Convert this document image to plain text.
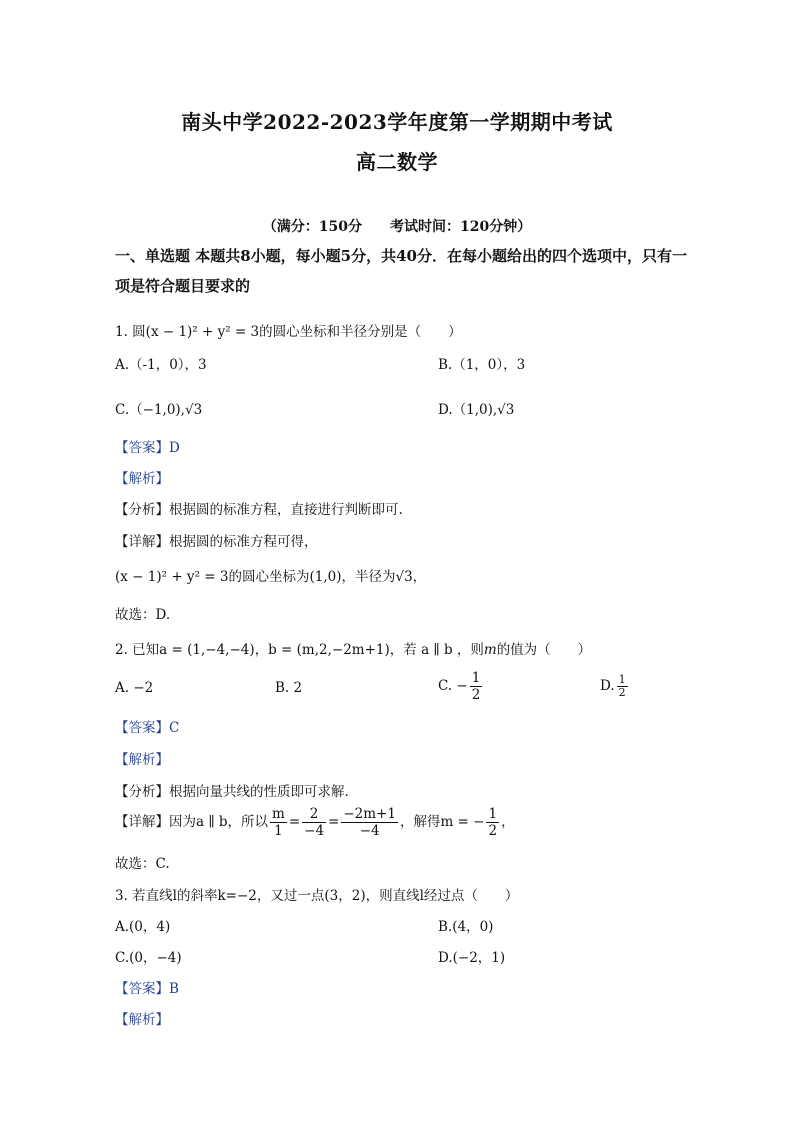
南头中学2022-2023学年度第一学期期中考试
高二数学
（满分：150分 考试时间：120分钟）
一、单选题 本题共8小题，每小题5分，共40分．在每小题给出的四个选项中，只有一项是符合题目要求的
1. 圆(x − 1)² + y² = 3的圆心坐标和半径分别是（　　）
A.（-1，0），3	B.（1，0），3
C.（−1,0),√3	D.（1,0),√3
【答案】D
【解析】
【分析】根据圆的标准方程，直接进行判断即可.
【详解】根据圆的标准方程可得，
(x − 1)² + y² = 3的圆心坐标为(1,0)，半径为√3，
故选：D.
2. 已知a = (1,−4,−4)，b = (m,2,−2m+1)，若 a ∥ b ，则m的值为（　　）
A. −2	B. 2	C. − $\frac{1}{2}$	D. $\frac{1}{2}$
【答案】C
【解析】
【分析】根据向量共线的性质即可求解.
【详解】因为a ∥ b，所以 $\frac{m}{1} = \frac{2}{-4} = \frac{-2m+1}{-4}$ ，解得m = − $\frac{1}{2}$ ，
故选：C.
3. 若直线l的斜率k=−2，又过一点(3，2)，则直线l经过点（　　）
A.(0，4)	B.(4，0)
C.(0，−4)	D.(−2，1)
【答案】B
【解析】
